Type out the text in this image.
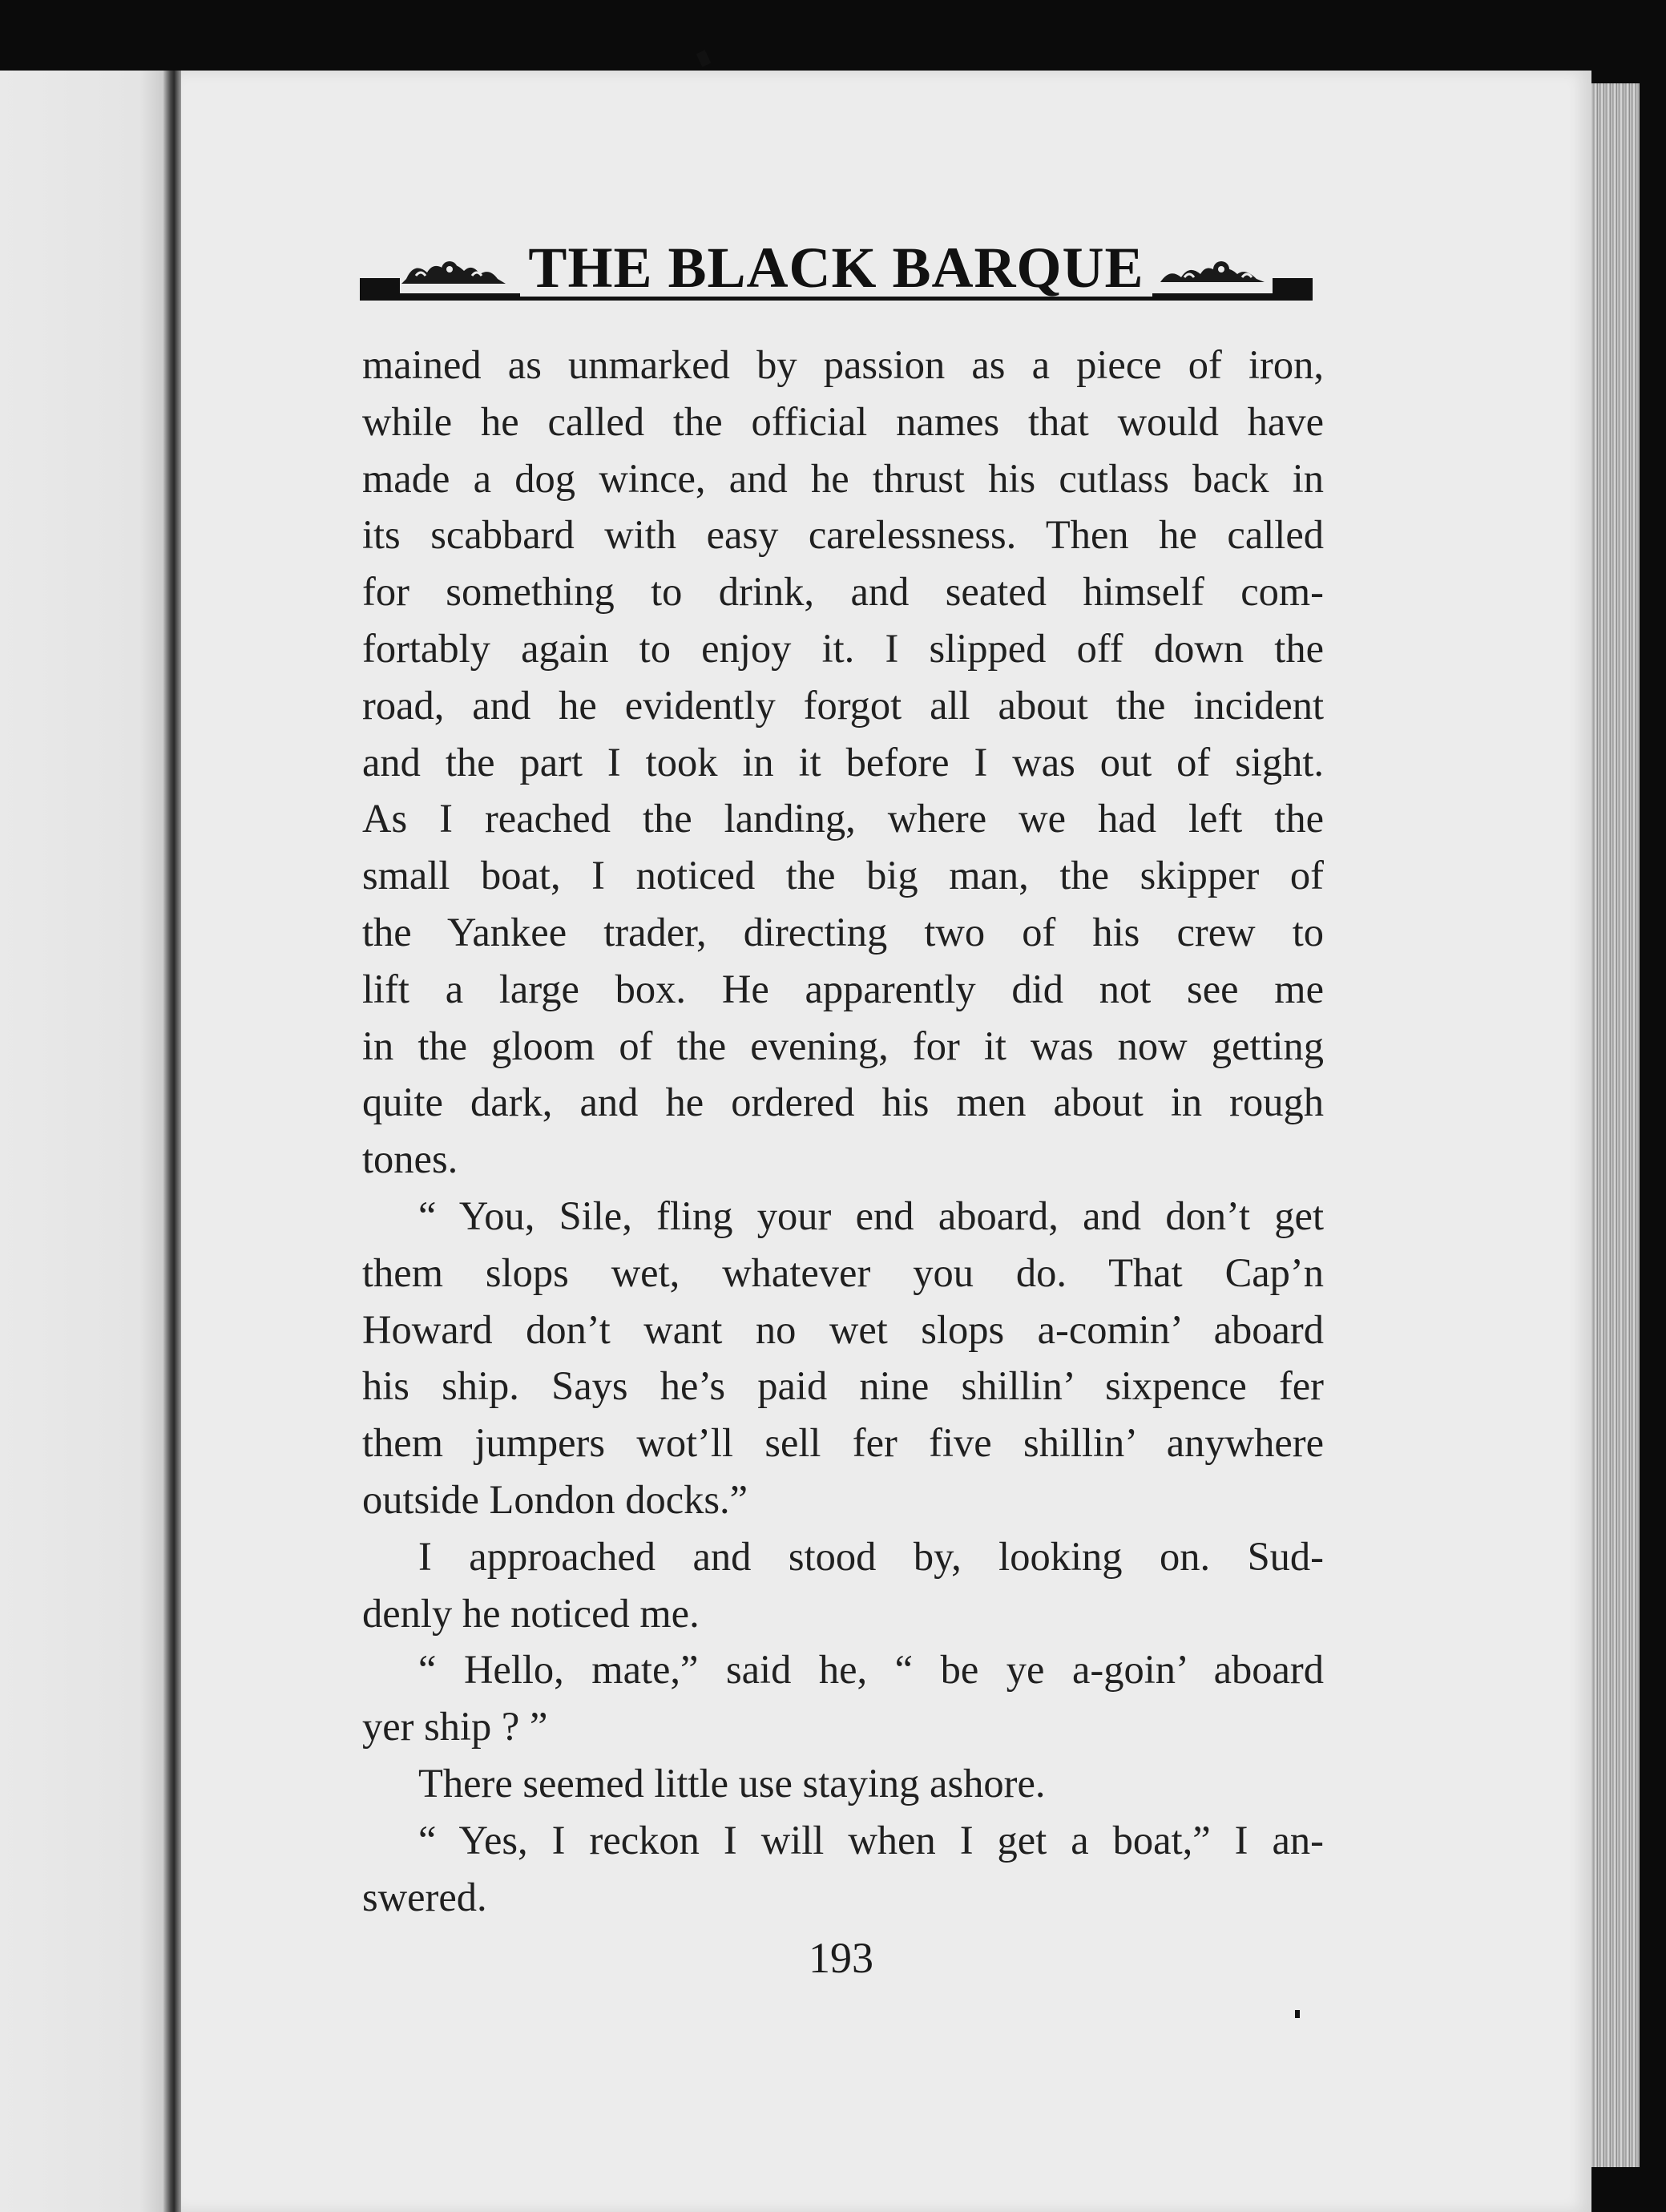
THE BLACK BARQUE
mained as unmarked by passion as a piece of iron,
while he called the official names that would have
made a dog wince, and he thrust his cutlass back in
its scabbard with easy carelessness. Then he called
for something to drink, and seated himself com-
fortably again to enjoy it. I slipped off down the
road, and he evidently forgot all about the incident
and the part I took in it before I was out of sight.
As I reached the landing, where we had left the
small boat, I noticed the big man, the skipper of
the Yankee trader, directing two of his crew to
lift a large box. He apparently did not see me
in the gloom of the evening, for it was now getting
quite dark, and he ordered his men about in rough
tones.
“ You, Sile, fling your end aboard, and don’t get
them slops wet, whatever you do. That Cap’n
Howard don’t want no wet slops a-comin’ aboard
his ship. Says he’s paid nine shillin’ sixpence fer
them jumpers wot’ll sell fer five shillin’ anywhere
outside London docks.”
I approached and stood by, looking on. Sud-
denly he noticed me.
“ Hello, mate,” said he, “ be ye a-goin’ aboard
yer ship ? ”
There seemed little use staying ashore.
“ Yes, I reckon I will when I get a boat,” I an-
swered.
193
